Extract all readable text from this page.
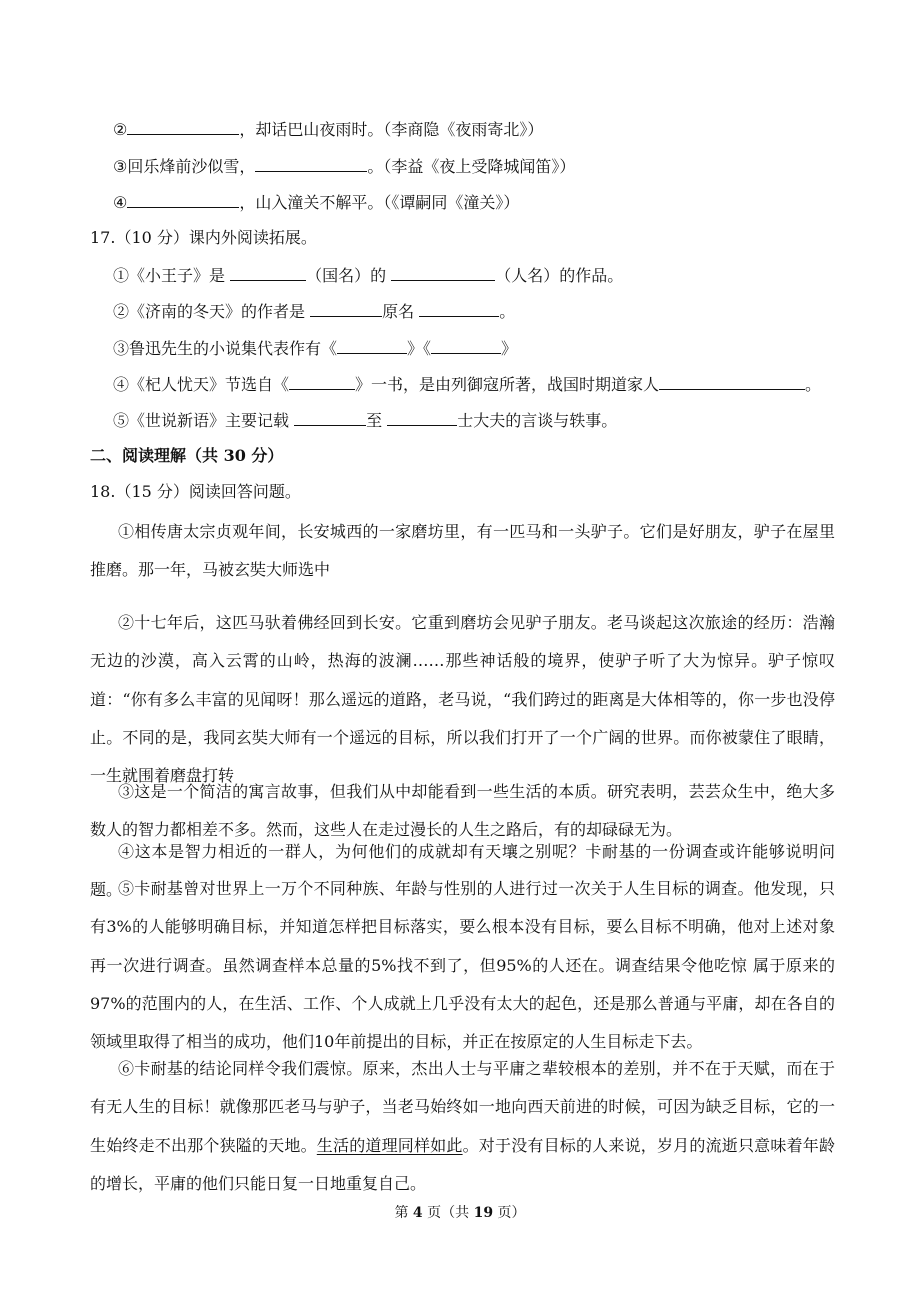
②	，却话巴山夜雨时。（李商隐《夜雨寄北》）
③回乐烽前沙似雪，	。（李益《夜上受降城闻笛》）
④	，山入潼关不解平。（《谭嗣同《潼关》）
17.（10 分）课内外阅读拓展。
①《小王子》是	（国名）的	（人名）的作品。
②《济南的冬天》的作者是	原名	。
③鲁迅先生的小说集代表作有《	》《	》
④《杞人忧天》节选自《	》一书，是由列御寇所著，战国时期道家人	。
⑤《世说新语》主要记载	至	士大夫的言谈与轶事。
二、阅读理解（共 30 分）
18.（15 分）阅读回答问题。
①相传唐太宗贞观年间，长安城西的一家磨坊里，有一匹马和一头驴子。它们是好朋友，驴子在屋里推磨。那一年，马被玄奘大师选中
②十七年后，这匹马驮着佛经回到长安。它重到磨坊会见驴子朋友。老马谈起这次旅途的经历：浩瀚无边的沙漠，高入云霄的山岭，热海的波澜……那些神话般的境界，使驴子听了大为惊异。驴子惊叹道：“你有多么丰富的见闻呀！那么遥远的道路，老马说，“我们跨过的距离是大体相等的，你一步也没停止。不同的是，我同玄奘大师有一个遥远的目标，所以我们打开了一个广阔的世界。而你被蒙住了眼睛，一生就围着磨盘打转
③这是一个简洁的寓言故事，但我们从中却能看到一些生活的本质。研究表明，芸芸众生中，绝大多数人的智力都相差不多。然而，这些人在走过漫长的人生之路后，有的却碌碌无为。
④这本是智力相近的一群人，为何他们的成就却有天壤之别呢？卡耐基的一份调查或许能够说明问题。
⑤卡耐基曾对世界上一万个不同种族、年龄与性别的人进行过一次关于人生目标的调查。他发现，只有3%的人能够明确目标，并知道怎样把目标落实，要么根本没有目标，要么目标不明确，他对上述对象再一次进行调查。虽然调查样本总量的5%找不到了，但95%的人还在。调查结果令他吃惊 属于原来的97%的范围内的人，在生活、工作、个人成就上几乎没有太大的起色，还是那么普通与平庸，却在各自的领域里取得了相当的成功，他们10年前提出的目标，并正在按原定的人生目标走下去。
⑥卡耐基的结论同样令我们震惊。原来，杰出人士与平庸之辈较根本的差别，并不在于天赋，而在于有无人生的目标！就像那匹老马与驴子，当老马始终如一地向西天前进的时候，可因为缺乏目标，它的一生始终走不出那个狭隘的天地。生活的道理同样如此。对于没有目标的人来说，岁月的流逝只意味着年龄的增长，平庸的他们只能日复一日地重复自己。
第 4 页（共 19 页）
